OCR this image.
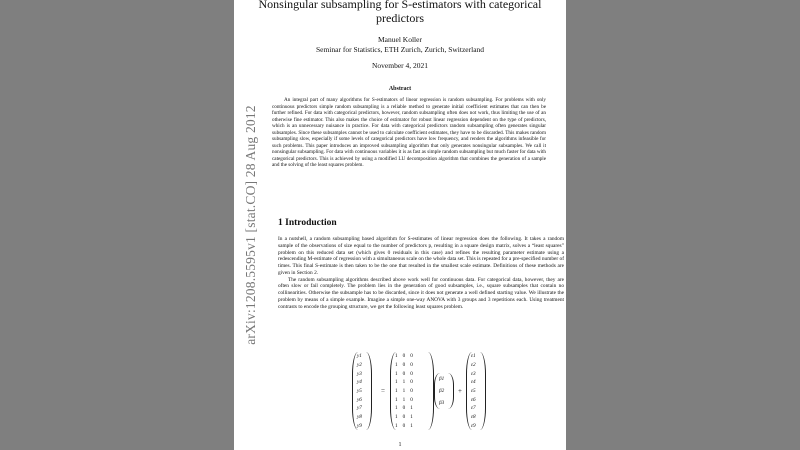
arXiv:1208.5595v1 [stat.CO] 28 Aug 2012
Nonsingular subsampling for S-estimators with categorical predictors
Manuel Koller
Seminar for Statistics, ETH Zurich, Zurich, Switzerland
November 4, 2021
Abstract
An integral part of many algorithms for S-estimators of linear regression is random subsampling. For problems with only continuous predictors simple random subsampling is a reliable method to generate initial coefficient estimates that can then be further refined. For data with categorical predictors, however, random subsampling often does not work, thus limiting the use of an otherwise fine estimator. This also makes the choice of estimator for robust linear regression dependent on the type of predictors, which is an unnecessary nuisance in practice. For data with categorical predictors random subsampling often generates singular subsamples. Since these subsamples cannot be used to calculate coefficient estimates, they have to be discarded. This makes random subsampling slow, especially if some levels of categorical predictors have low frequency, and renders the algorithms infeasible for such problems. This paper introduces an improved subsampling algorithm that only generates nonsingular subsamples. We call it nonsingular subsampling. For data with continuous variables it is as fast as simple random subsampling but much faster for data with categorical predictors. This is achieved by using a modified LU decomposition algorithm that combines the generation of a sample and the solving of the least squares problem.
1 Introduction

In a nutshell, a random subsampling based algorithm for S-estimates of linear regression does the following. It takes a random sample of the observations of size equal to the number of predictors p, resulting in a square design matrix, solves a “least squares” problem on this reduced data set (which gives 0 residuals in this case) and refines the resulting parameter estimate using a redescending M-estimate of regression with a simultaneous scale on the whole data set. This is repeated for a pre-specified number of times. This final S-estimate is then taken to be the one that resulted in the smallest scale estimate. Definitions of these methods are given in Section 2.

The random subsampling algorithms described above work well for continuous data. For categorical data, however, they are often slow or fail completely. The problem lies in the generation of good subsamples, i.e., square subsamples that contain no collinearities. Otherwise the subsample has to be discarded, since it does not generate a well defined starting value. We illustrate the problem by means of a simple example. Imagine a simple one-way ANOVA with 3 groups and 3 repetitions each. Using treatment contrasts to encode the grouping structure, we get the following least squares problem.

y1
y2
y3
y4
y5
y6
y7
y8
y9
=
1 0 0
1 0 0
1 0 0
1 1 0
1 1 0
1 1 0
1 0 1
1 0 1
1 0 1
β1
β2
β3
+
ε1
ε2
ε3
ε4
ε5
ε6
ε7
ε8
ε9
1
